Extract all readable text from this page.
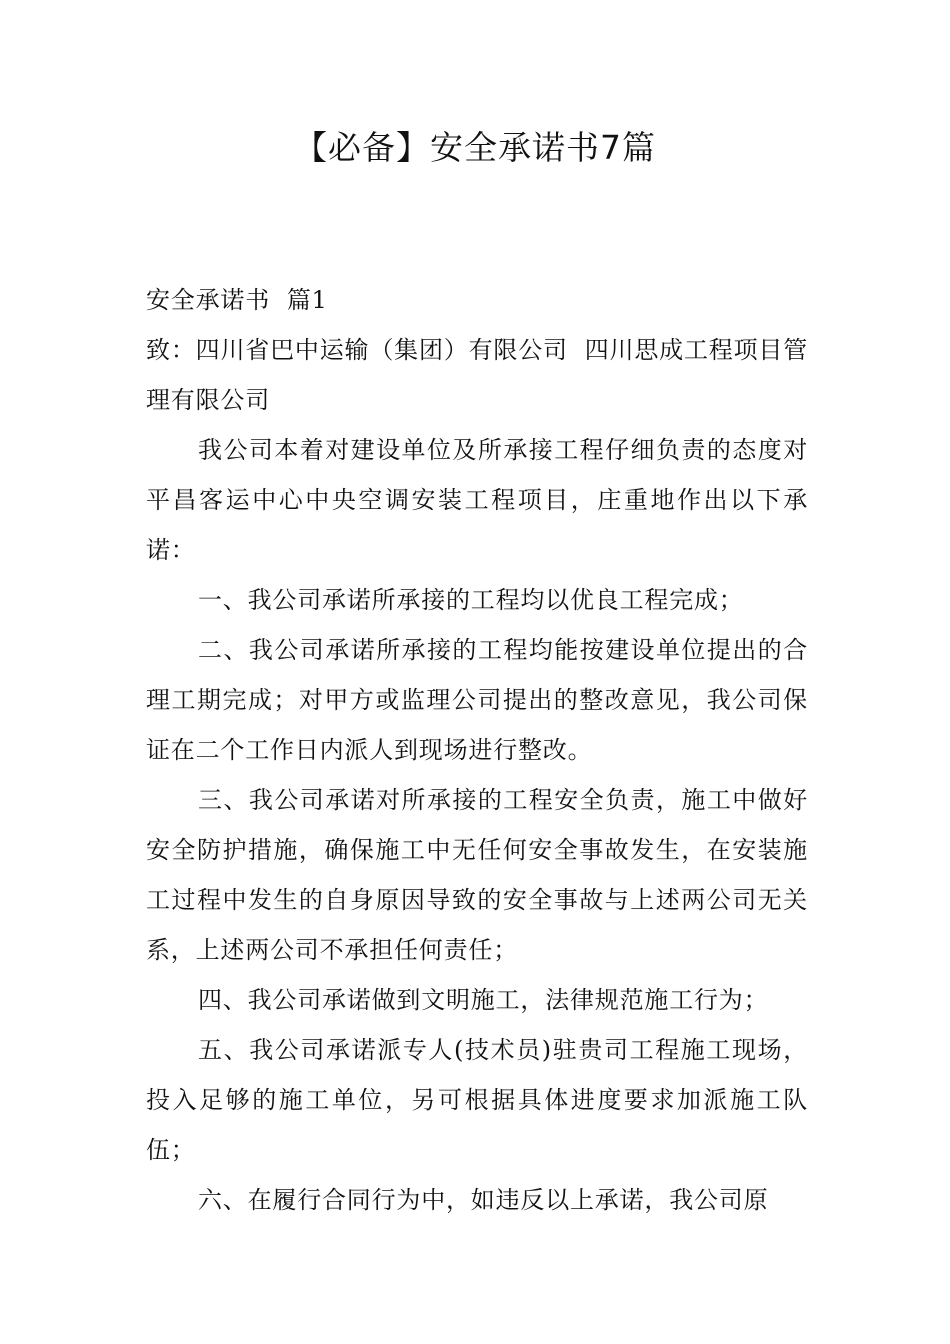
【必备】安全承诺书7篇

安全承诺书  篇1

致：四川省巴中运输（集团）有限公司  四川思成工程项目管理有限公司

我公司本着对建设单位及所承接工程仔细负责的态度对平昌客运中心中央空调安装工程项目，庄重地作出以下承诺：

一、我公司承诺所承接的工程均以优良工程完成；

二、我公司承诺所承接的工程均能按建设单位提出的合理工期完成；对甲方或监理公司提出的整改意见，我公司保证在二个工作日内派人到现场进行整改。

三、我公司承诺对所承接的工程安全负责，施工中做好安全防护措施，确保施工中无任何安全事故发生，在安装施工过程中发生的自身原因导致的安全事故与上述两公司无关系，上述两公司不承担任何责任；

四、我公司承诺做到文明施工，法律规范施工行为；

五、我公司承诺派专人(技术员)驻贵司工程施工现场，投入足够的施工单位，另可根据具体进度要求加派施工队伍；

六、在履行合同行为中，如违反以上承诺，我公司原
